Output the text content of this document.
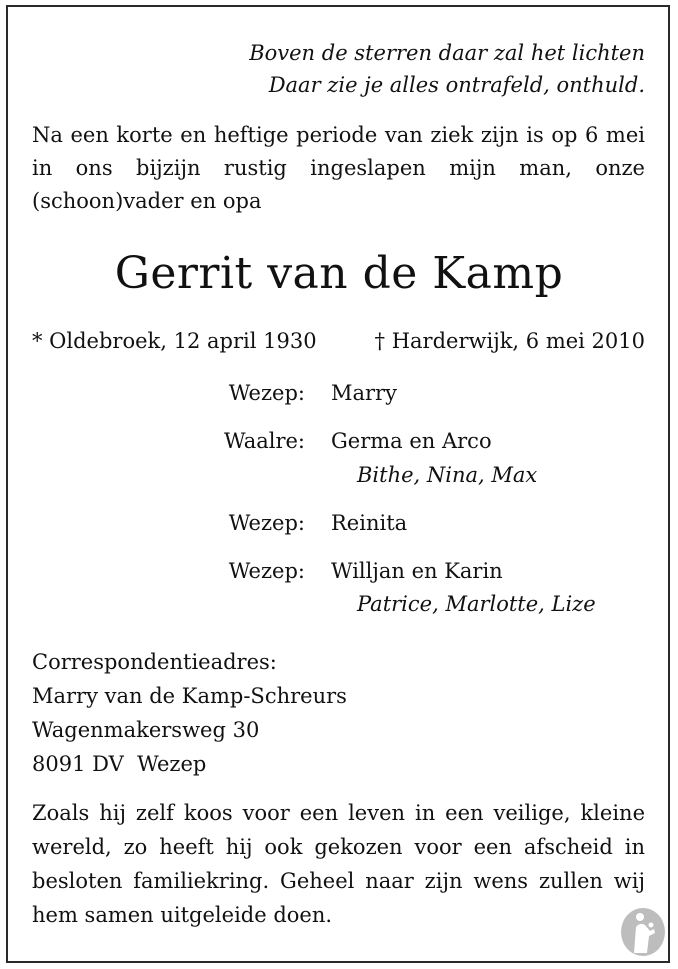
Boven de sterren daar zal het lichten
Daar zie je alles ontrafeld, onthuld.
Na een korte en heftige periode van ziek zijn is op 6 mei in ons bijzijn rustig ingeslapen mijn man, onze (schoon)vader en opa
Gerrit van de Kamp
* Oldebroek, 12 april 1930	† Harderwijk, 6 mei 2010
Wezep: Marry
Waalre: Germa en Arco
Bithe, Nina, Max
Wezep: Reinita
Wezep: Willjan en Karin
Patrice, Marlotte, Lize
Correspondentieadres:
Marry van de Kamp-Schreurs
Wagenmakersweg 30
8091 DV  Wezep
Zoals hij zelf koos voor een leven in een veilige, kleine wereld, zo heeft hij ook gekozen voor een afscheid in besloten familiekring. Geheel naar zijn wens zullen wij hem samen uitgeleide doen.
